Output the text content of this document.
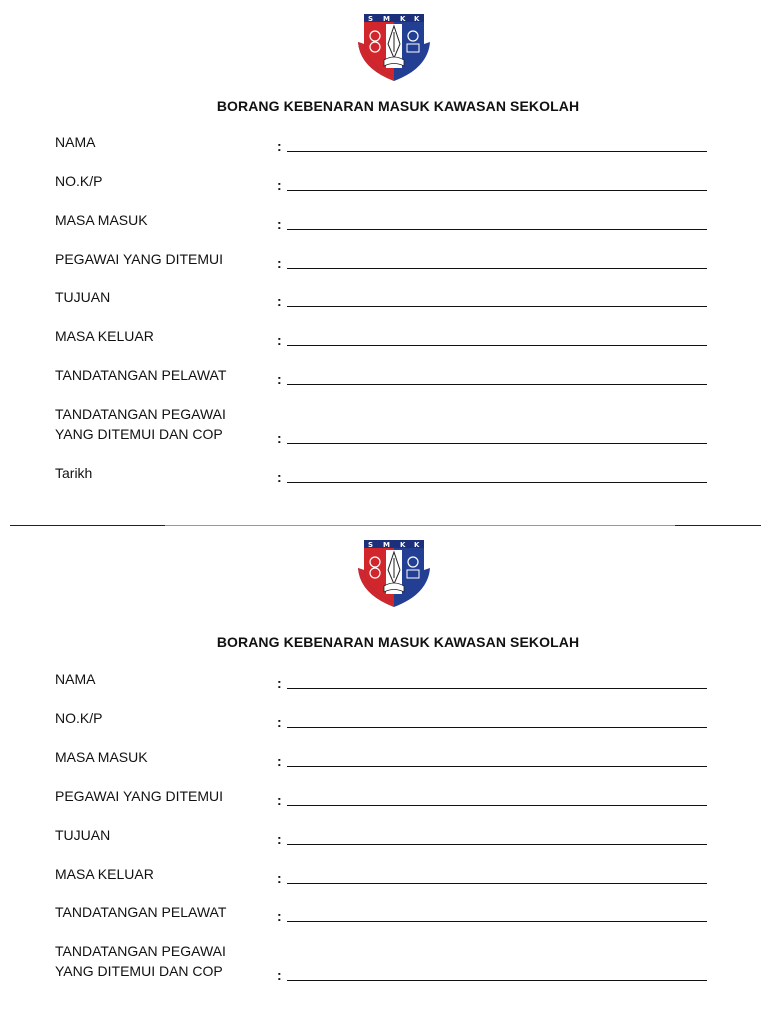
BORANG KEBENARAN MASUK KAWASAN SEKOLAH
NAMA	:
NO.K/P	:
MASA MASUK	:
PEGAWAI YANG DITEMUI	:
TUJUAN	:
MASA KELUAR	:
TANDATANGAN PELAWAT	:
TANDATANGAN PEGAWAI
YANG DITEMUI DAN COP	:
Tarikh	:
BORANG KEBENARAN MASUK KAWASAN SEKOLAH
NAMA	:
NO.K/P	:
MASA MASUK	:
PEGAWAI YANG DITEMUI	:
TUJUAN	:
MASA KELUAR	:
TANDATANGAN PELAWAT	:
TANDATANGAN PEGAWAI
YANG DITEMUI DAN COP	:
